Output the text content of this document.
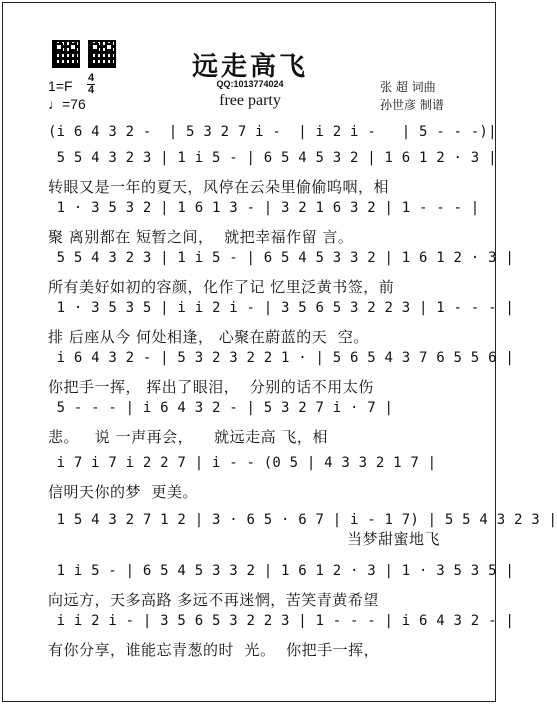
远走高飞
QQ:1013774024
free party
1=F 4
4
♩=76
张 超 词曲
孙世彦 制谱
(i 6 4 3 2 -  | 5 3 2 7 i -  | i 2 i -   | 5 - - -)|
5 5 4 3 2 3 | 1 i 5 - | 6 5 4 5 3 2 | 1 6 1 2 · 3 |
转眼又是一年的夏天，风停在云朵里偷偷呜咽，相
1 · 3 5 3 2 | 1 6 1 3 - | 3 2 1 6 3 2 | 1 - - - |
聚 离别都在 短暂之间，  就把幸福作留 言。
5 5 4 3 2 3 | 1 i 5 - | 6 5 4 5 3 3 2 | 1 6 1 2 · 3 |
所有美好如初的容颜，化作了记 忆里泛黄书签，前
1 · 3 5 3 5 | i i 2 i - | 3 5 6 5 3 2 2 3 | 1 - - - |
排 后座从今 何处相逢， 心聚在蔚蓝的天  空。
i 6 4 3 2 - | 5 3 2 3 2 2 1 · | 5 6 5 4 3 7 6 5 5 6 |
你把手一挥， 挥出了眼泪，  分别的话不用太伤
5 - - - | i 6 4 3 2 - | 5 3 2 7 i · 7 |
悲。   说 一声再会，    就远走高 飞，相
i 7 i 7 i 2 2 7 | i - - (0 5 | 4 3 3 2 1 7 |
信明天你的梦  更美。
1 5 4 3 2 7 1 2 | 3 · 6 5 · 6 7 | i - 1 7) | 5 5 4 3 2 3 |
当梦甜蜜地飞
1 i 5 - | 6 5 4 5 3 3 2 | 1 6 1 2 · 3 | 1 · 3 5 3 5 |
向远方，天多高路 多远不再迷惘，苦笑青黄希望
i i 2 i - | 3 5 6 5 3 2 2 3 | 1 - - - | i 6 4 3 2 - |
有你分享，谁能忘青葱的时  光。  你把手一挥，
